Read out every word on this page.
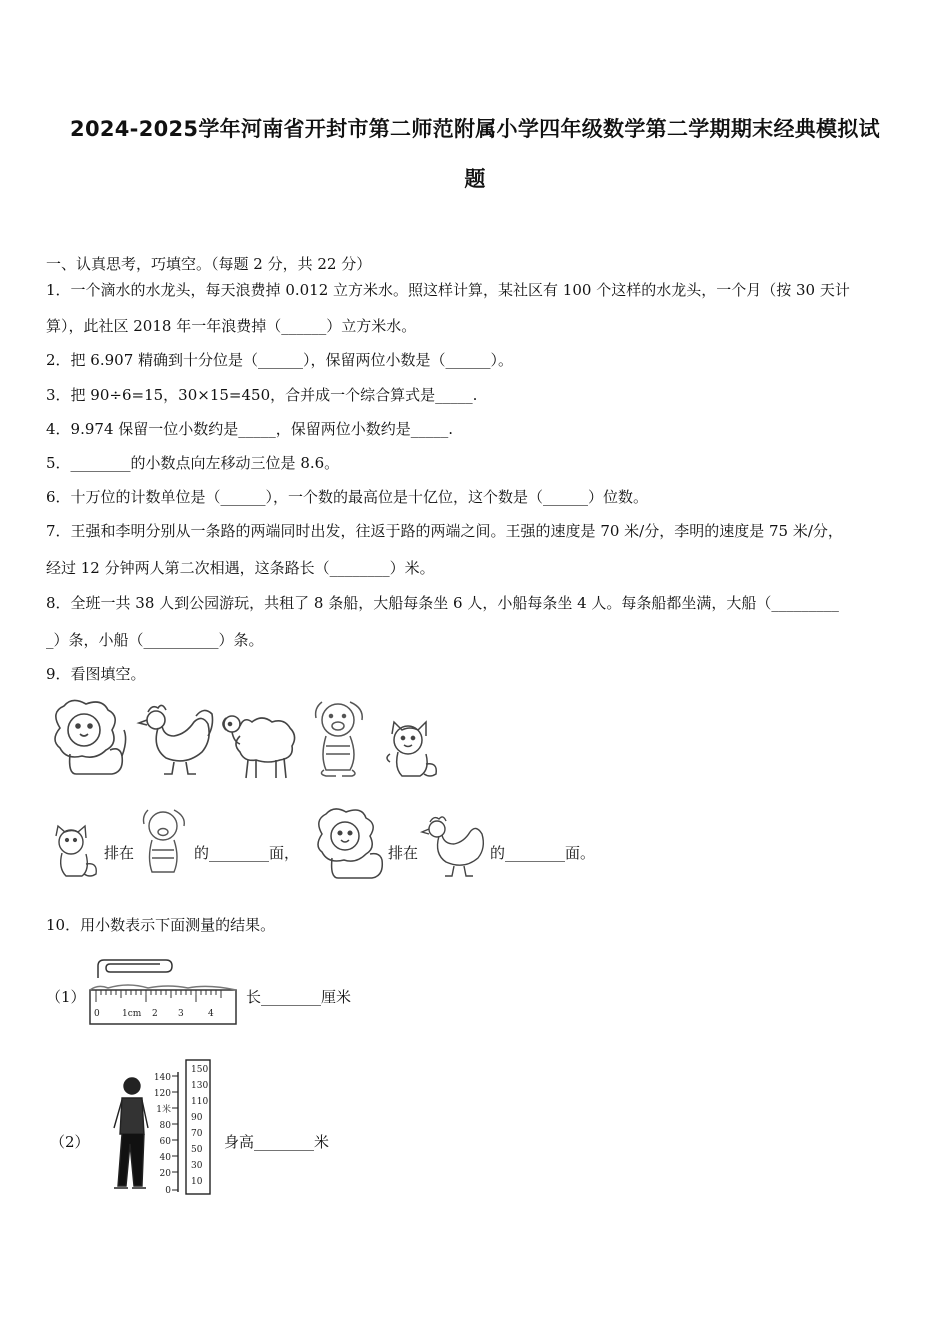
2024-2025学年河南省开封市第二师范附属小学四年级数学第二学期期末经典模拟试
题
一、认真思考，巧填空。（每题 2 分，共 22 分）
1．一个滴水的水龙头，每天浪费掉 0.012 立方米水。照这样计算，某社区有 100 个这样的水龙头，一个月（按 30 天计
算），此社区 2018 年一年浪费掉（______）立方米水。
2．把 6.907 精确到十分位是（______），保留两位小数是（______）。
3．把 90÷6=15，30×15=450，合并成一个综合算式是_____.
4．9.974 保留一位小数约是_____，保留两位小数约是_____.
5．________的小数点向左移动三位是 8.6。
6．十万位的计数单位是（______），一个数的最高位是十亿位，这个数是（______）位数。
7．王强和李明分别从一条路的两端同时出发，往返于路的两端之间。王强的速度是 70 米/分，李明的速度是 75 米/分，
经过 12 分钟两人第二次相遇，这条路长（________）米。
8．全班一共 38 人到公园游玩，共租了 8 条船，大船每条坐 6 人，小船每条坐 4 人。每条船都坐满，大船（_________
_）条，小船（__________）条。
9．看图填空。
排在	的________面，	排在	的________面。
10．用小数表示下面测量的结果。
（1）
0 1cm 2 3	4
长________厘米
（2）
140
120
1米
80
60
40
20
0
150
130
110
90
70
50
30
10
身高________米
